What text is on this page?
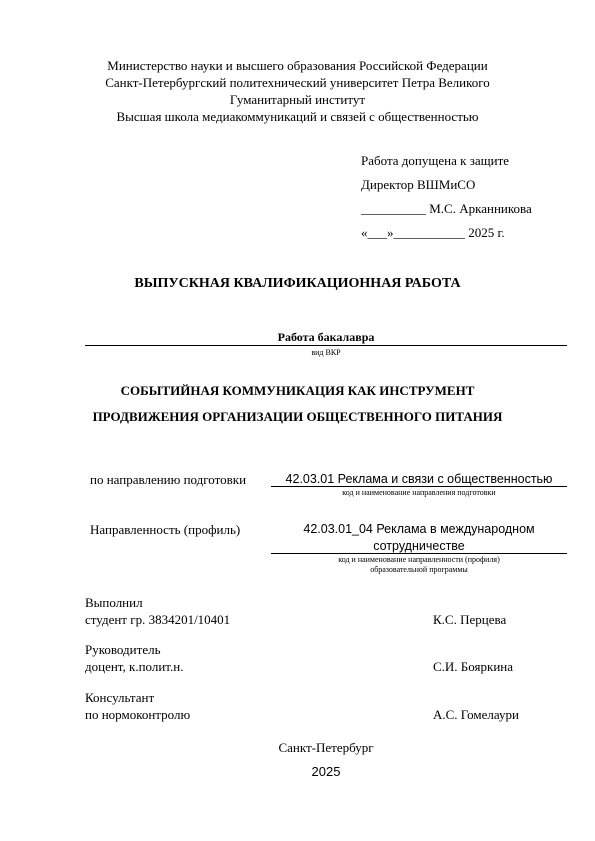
Министерство науки и высшего образования Российской Федерации
Санкт-Петербургский политехнический университет Петра Великого
Гуманитарный институт
Высшая школа медиакоммуникаций и связей с общественностью
Работа допущена к защите
Директор ВШМиСО
__________ М.С. Арканникова
«___»___________ 2025 г.
ВЫПУСКНАЯ КВАЛИФИКАЦИОННАЯ РАБОТА
Работа бакалавра
вид ВКР
СОБЫТИЙНАЯ КОММУНИКАЦИЯ КАК ИНСТРУМЕНТ
ПРОДВИЖЕНИЯ ОРГАНИЗАЦИИ ОБЩЕСТВЕННОГО ПИТАНИЯ
по направлению подготовки	42.03.01 Реклама и связи с общественностью
код и наименование направления подготовки
Направленность (профиль)	42.03.01_04 Реклама в международном
сотрудничестве
код и наименование направленности (профиля)
образовательной программы
Выполнил
студент гр. 3834201/10401	К.С. Перцева
Руководитель
доцент, к.полит.н.	С.И. Бояркина
Консультант
по нормоконтролю	А.С. Гомелаури
Санкт-Петербург
2025
